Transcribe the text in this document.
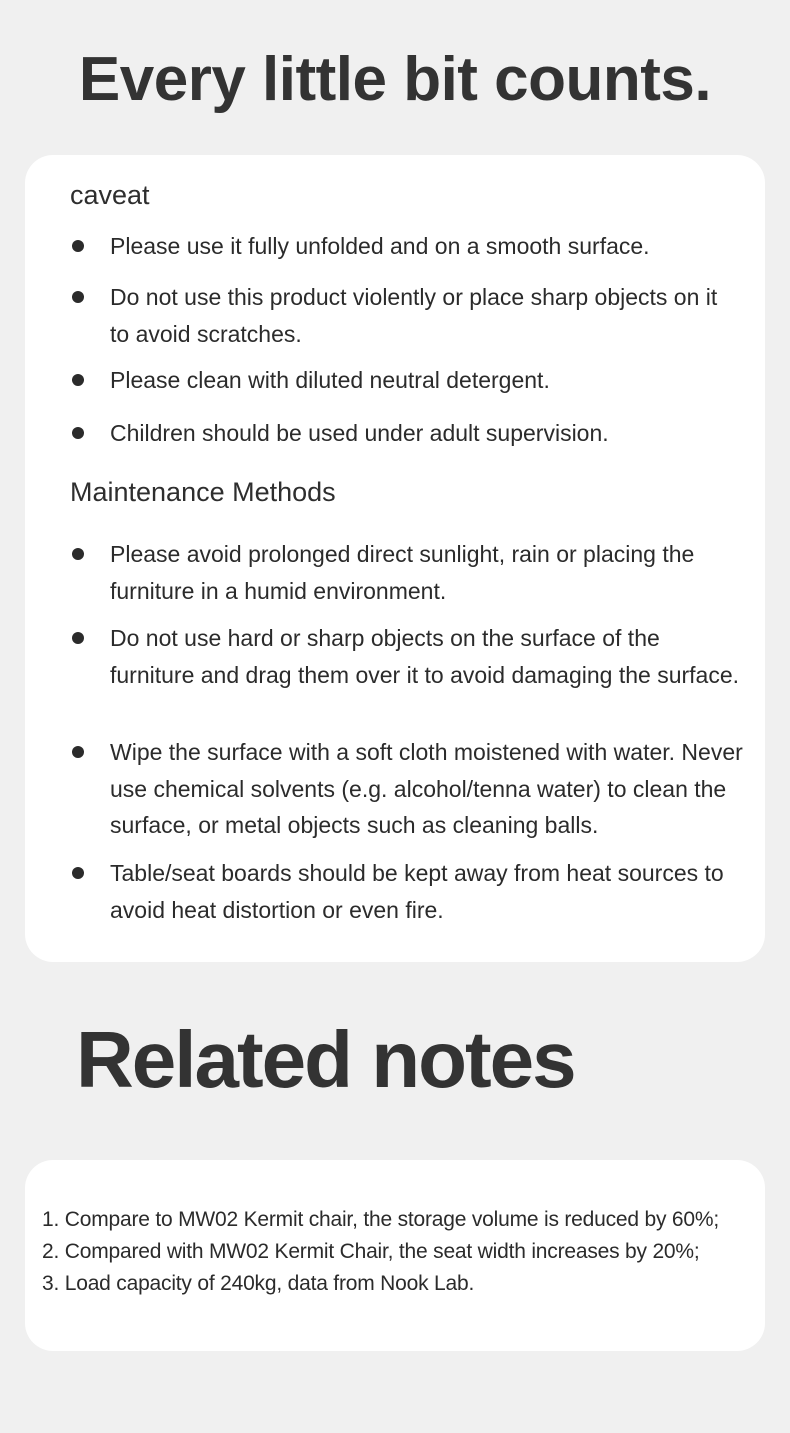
Every little bit counts.
caveat
Please use it fully unfolded and on a smooth surface.
Do not use this product violently or place sharp objects on it to avoid scratches.
Please clean with diluted neutral detergent.
Children should be used under adult supervision.
Maintenance Methods
Please avoid prolonged direct sunlight, rain or placing the furniture in a humid environment.
Do not use hard or sharp objects on the surface of the furniture and drag them over it to avoid damaging the surface.
Wipe the surface with a soft cloth moistened with water. Never use chemical solvents (e.g. alcohol/tenna water) to clean the surface, or metal objects such as cleaning balls.
Table/seat boards should be kept away from heat sources to avoid heat distortion or even fire.
Related notes
1. Compare to MW02 Kermit chair, the storage volume is reduced by 60%;
2. Compared with MW02 Kermit Chair, the seat width increases by 20%;
3. Load capacity of 240kg, data from Nook Lab.
